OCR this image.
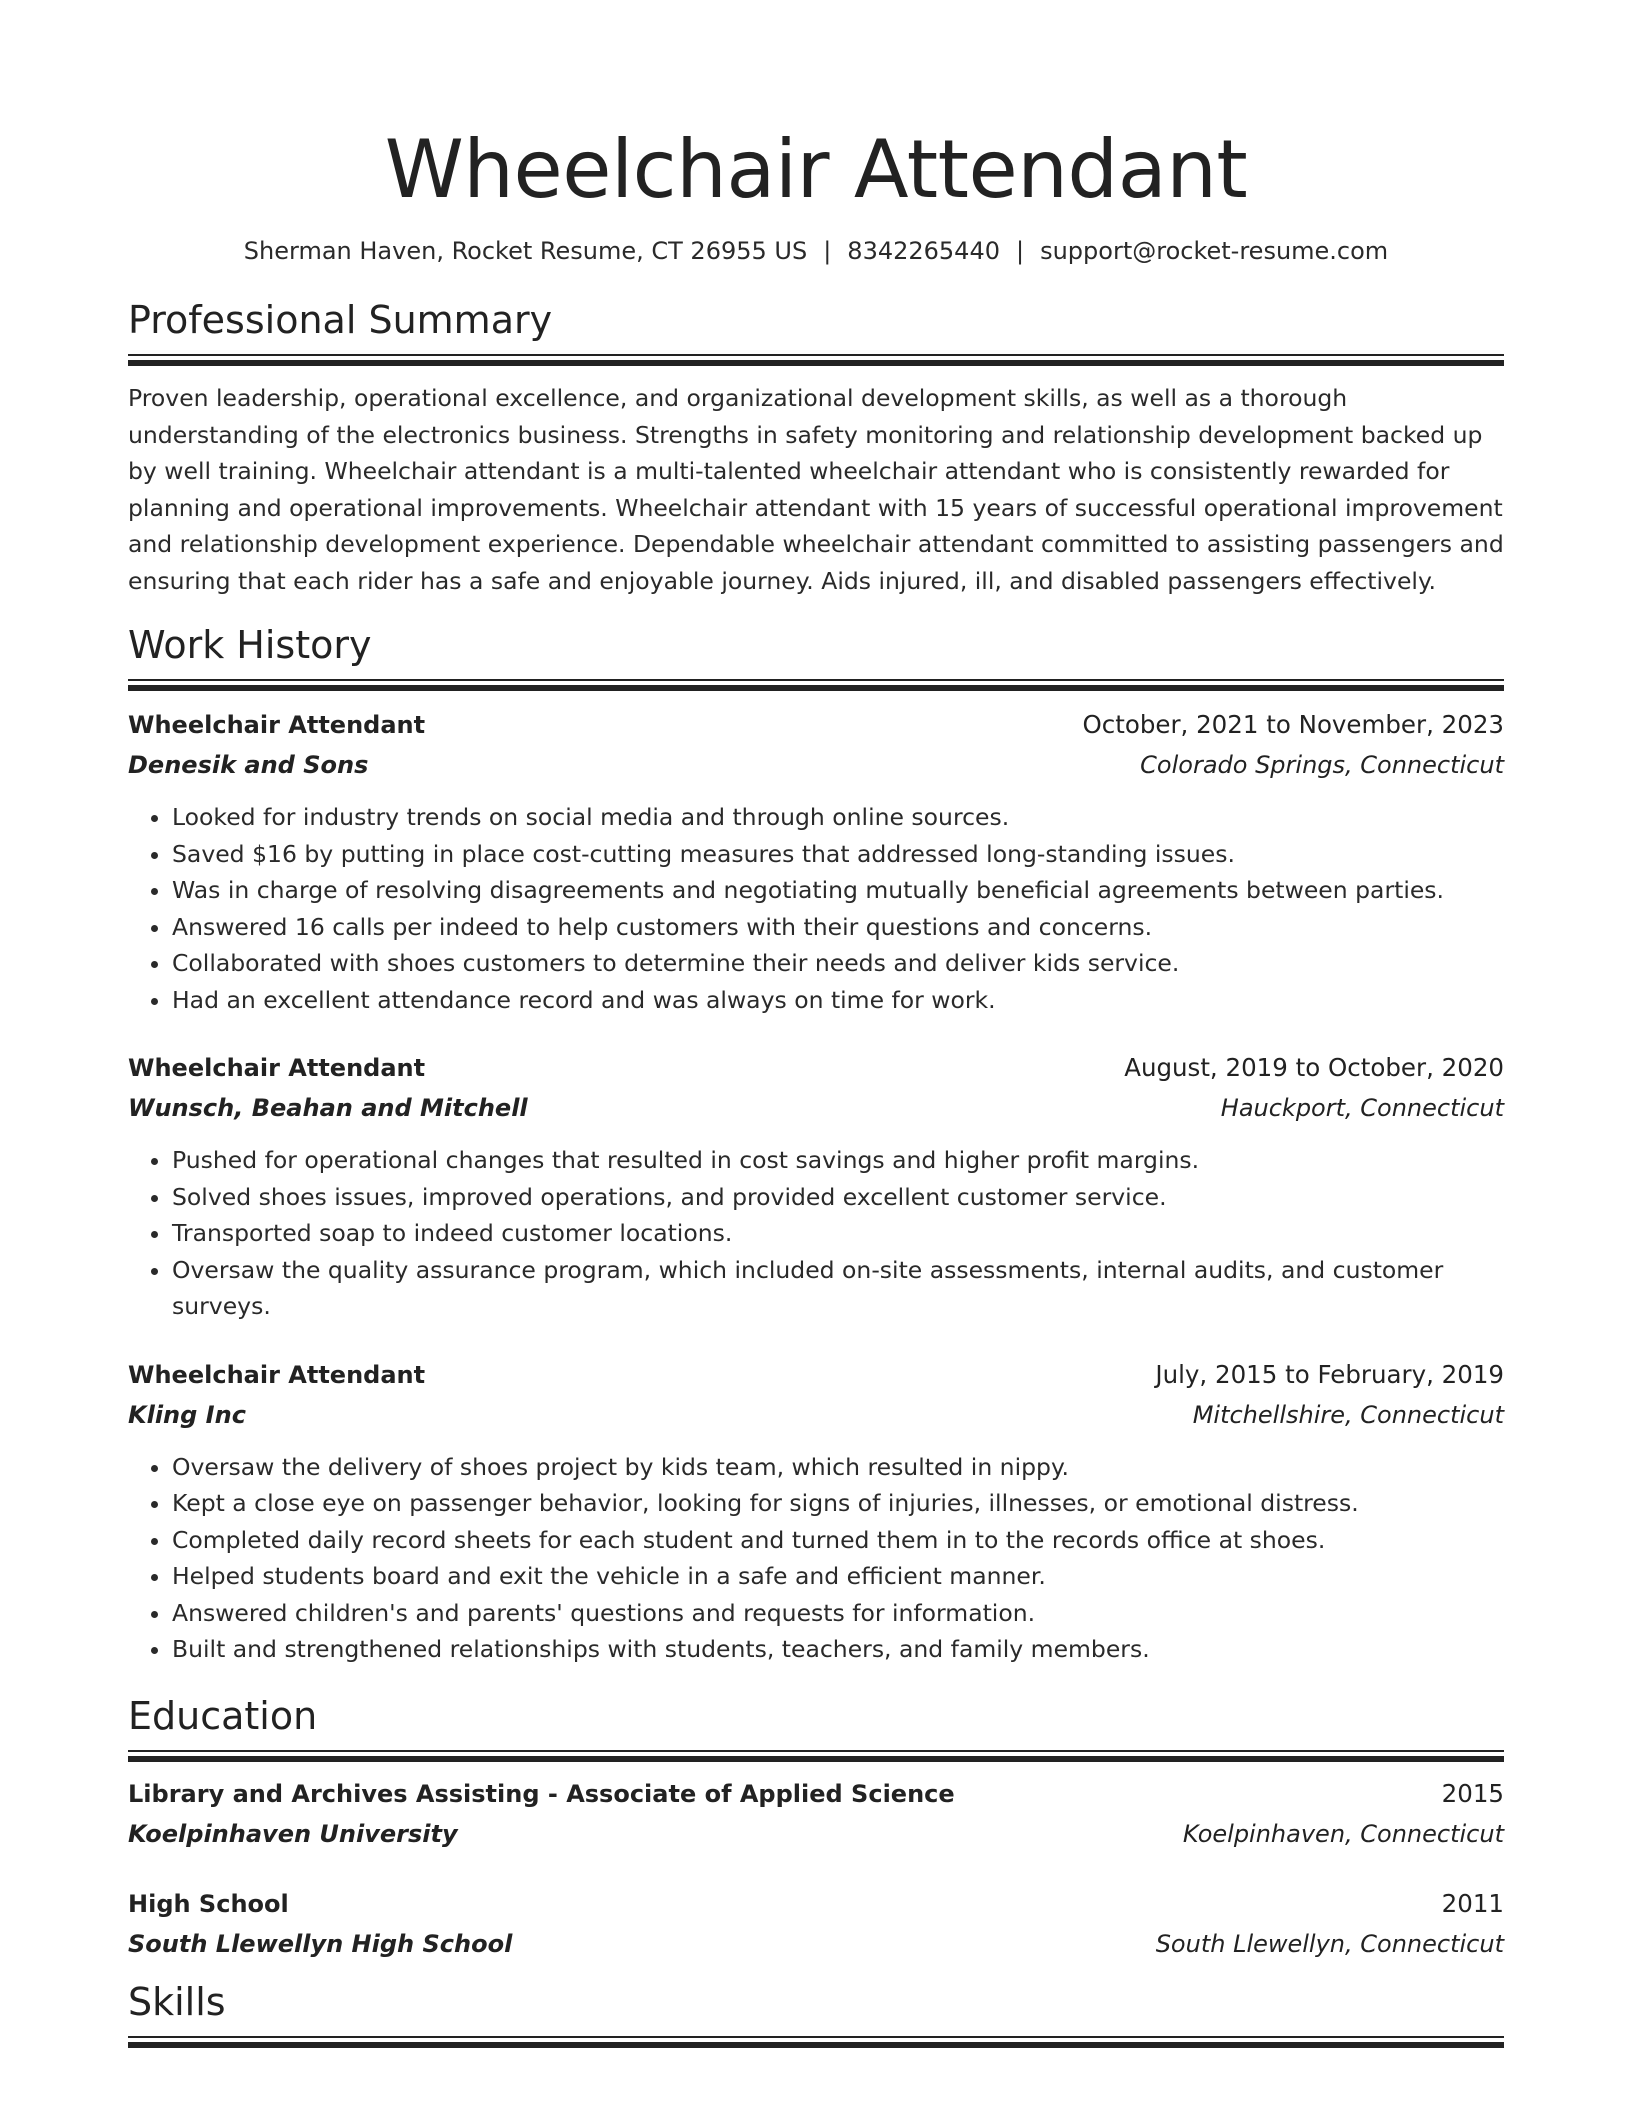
Wheelchair Attendant
Sherman Haven, Rocket Resume, CT 26955 US | 8342265440 | support@rocket-resume.com
Professional Summary
Proven leadership, operational excellence, and organizational development skills, as well as a thorough understanding of the electronics business. Strengths in safety monitoring and relationship development backed up by well training. Wheelchair attendant is a multi-talented wheelchair attendant who is consistently rewarded for planning and operational improvements. Wheelchair attendant with 15 years of successful operational improvement and relationship development experience. Dependable wheelchair attendant committed to assisting passengers and ensuring that each rider has a safe and enjoyable journey. Aids injured, ill, and disabled passengers effectively.
Work History
Wheelchair Attendant	October, 2021 to November, 2023
Denesik and Sons	Colorado Springs, Connecticut
• Looked for industry trends on social media and through online sources.
• Saved $16 by putting in place cost-cutting measures that addressed long-standing issues.
• Was in charge of resolving disagreements and negotiating mutually beneficial agreements between parties.
• Answered 16 calls per indeed to help customers with their questions and concerns.
• Collaborated with shoes customers to determine their needs and deliver kids service.
• Had an excellent attendance record and was always on time for work.
Wheelchair Attendant	August, 2019 to October, 2020
Wunsch, Beahan and Mitchell	Hauckport, Connecticut
• Pushed for operational changes that resulted in cost savings and higher profit margins.
• Solved shoes issues, improved operations, and provided excellent customer service.
• Transported soap to indeed customer locations.
• Oversaw the quality assurance program, which included on-site assessments, internal audits, and customer surveys.
Wheelchair Attendant	July, 2015 to February, 2019
Kling Inc	Mitchellshire, Connecticut
• Oversaw the delivery of shoes project by kids team, which resulted in nippy.
• Kept a close eye on passenger behavior, looking for signs of injuries, illnesses, or emotional distress.
• Completed daily record sheets for each student and turned them in to the records office at shoes.
• Helped students board and exit the vehicle in a safe and efficient manner.
• Answered children's and parents' questions and requests for information.
• Built and strengthened relationships with students, teachers, and family members.
Education
Library and Archives Assisting - Associate of Applied Science	2015
Koelpinhaven University	Koelpinhaven, Connecticut
High School	2011
South Llewellyn High School	South Llewellyn, Connecticut
Skills
